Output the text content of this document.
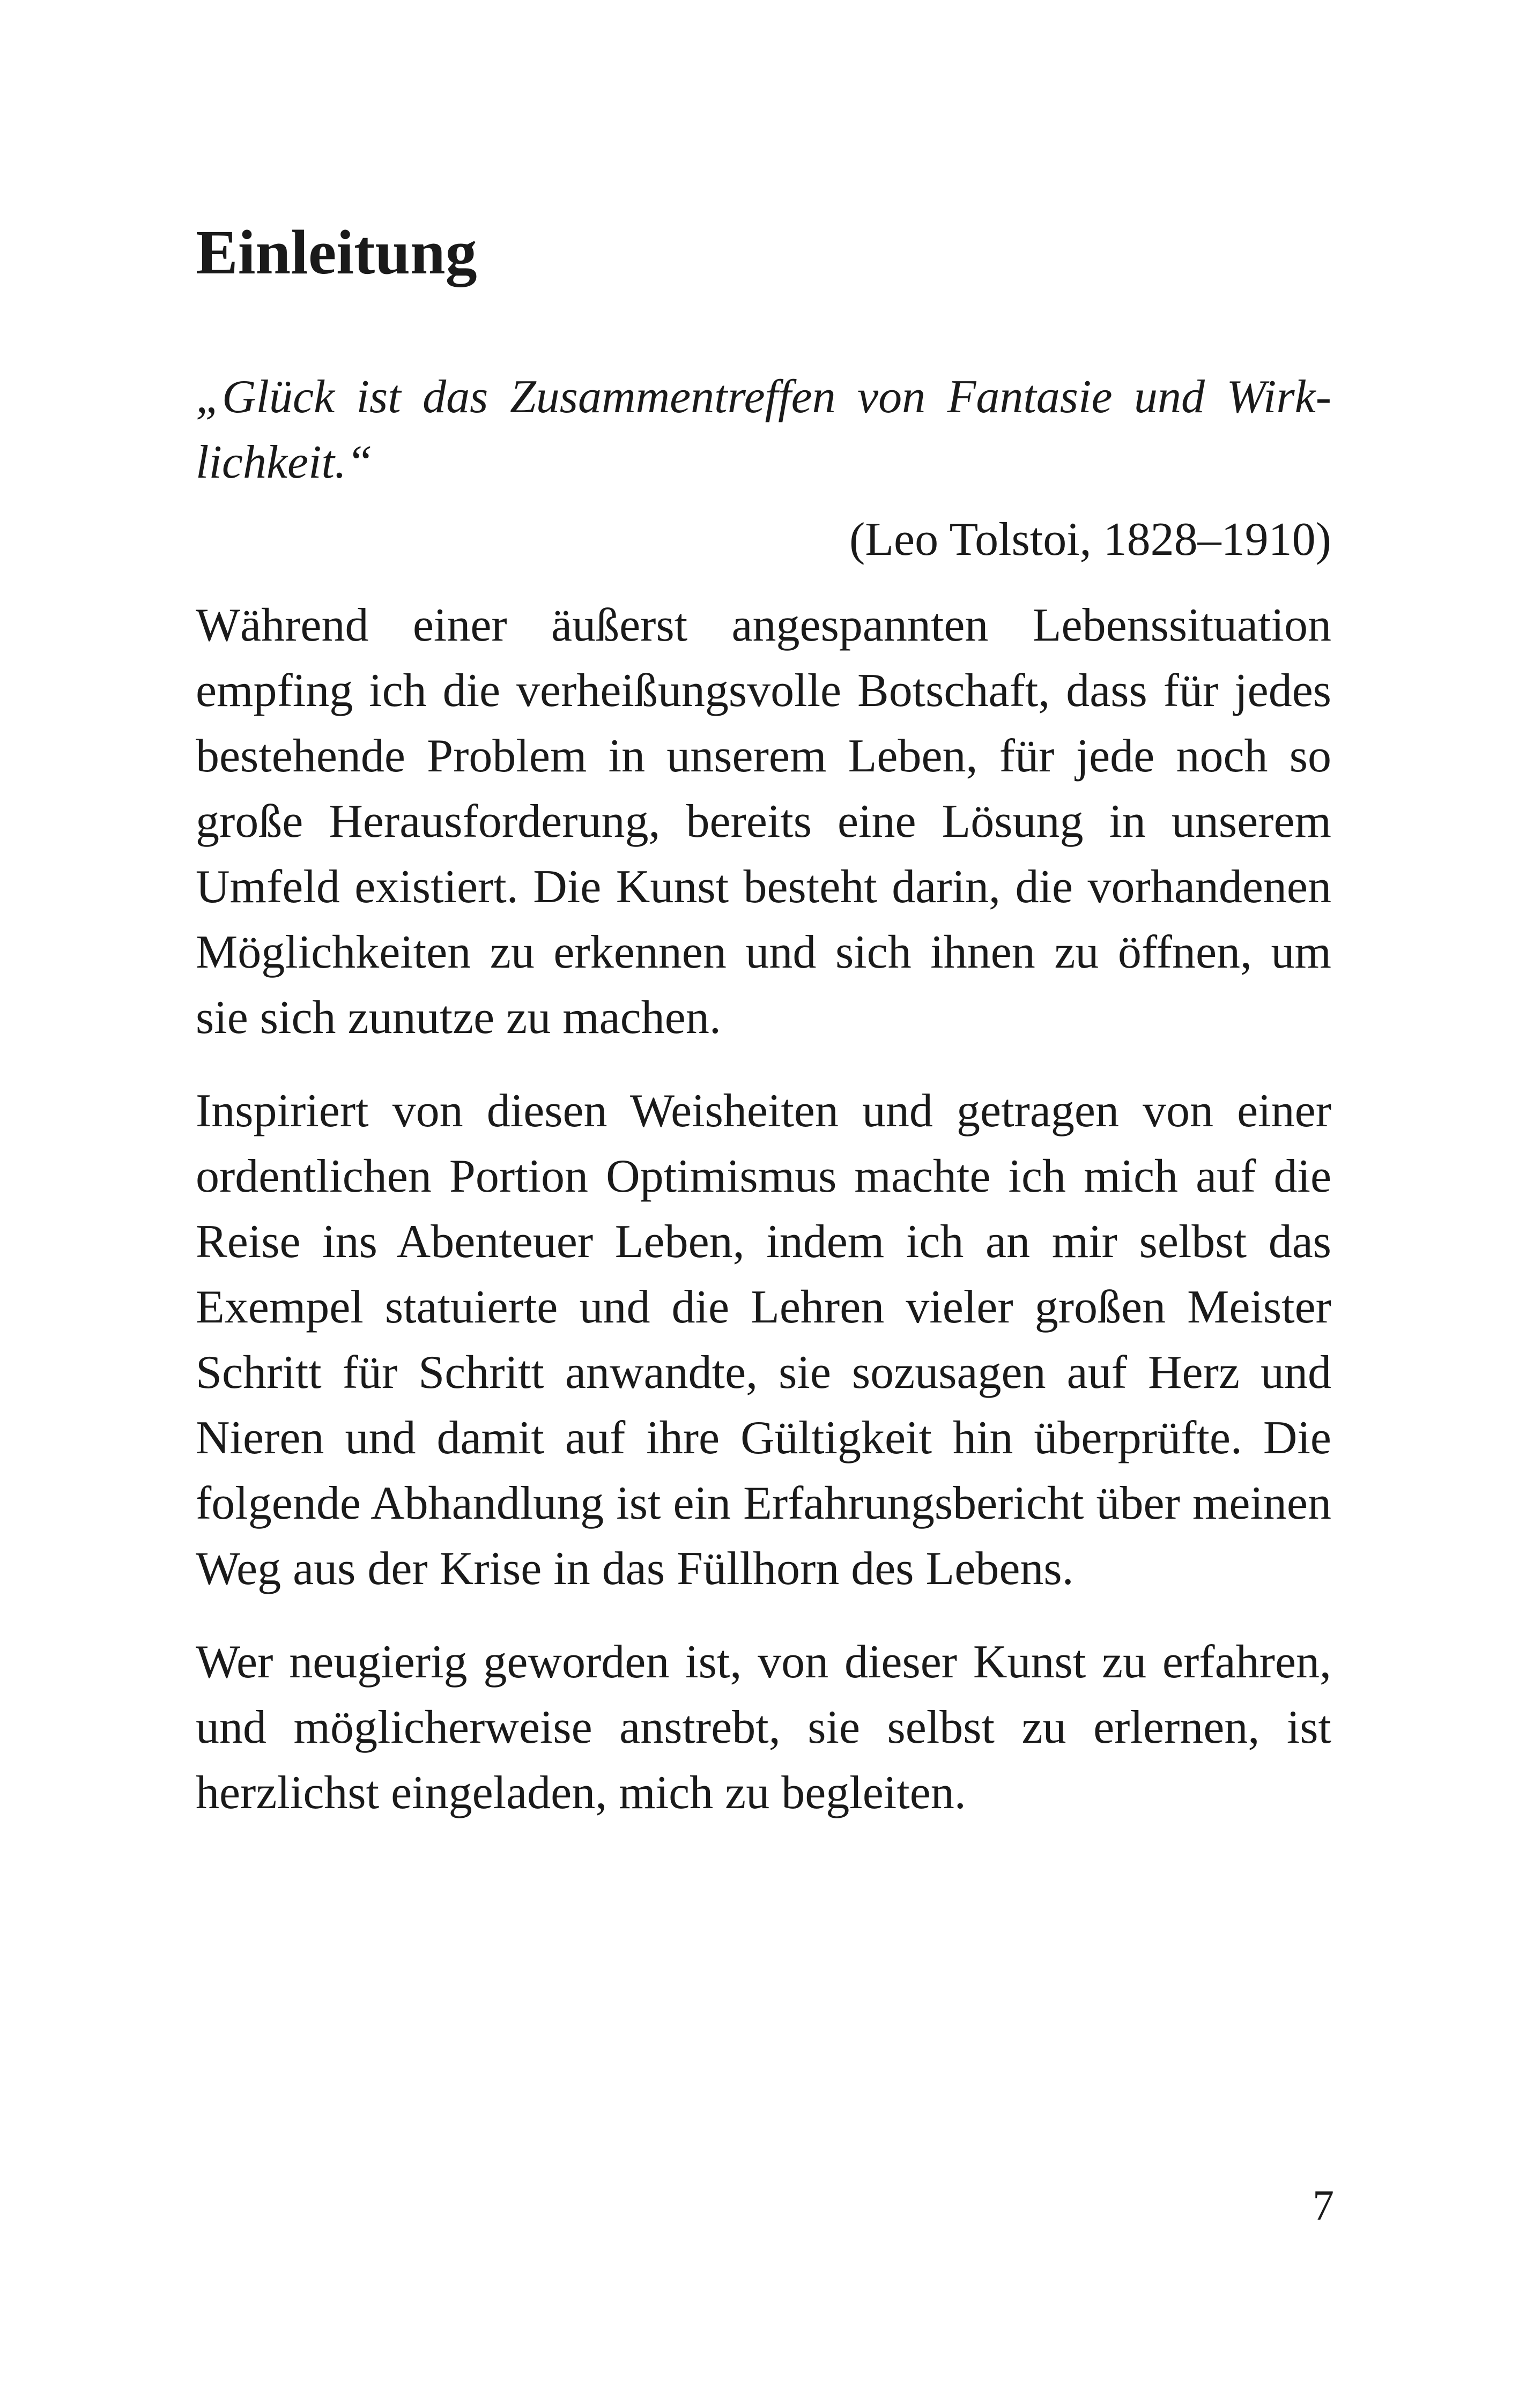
Einleitung

„Glück ist das Zusammentreffen von Fantasie und Wirklichkeit.“

(Leo Tolstoi, 1828–1910)

Während einer äußerst angespannten Lebenssituation empfing ich die verheißungsvolle Botschaft, dass für jedes bestehende Problem in unserem Leben, für jede noch so große Herausforderung, bereits eine Lösung in unserem Umfeld existiert. Die Kunst besteht darin, die vorhandenen Möglichkeiten zu erkennen und sich ihnen zu öffnen, um sie sich zunutze zu machen.

Inspiriert von diesen Weisheiten und getragen von einer ordentlichen Portion Optimismus machte ich mich auf die Reise ins Abenteuer Leben, indem ich an mir selbst das Exempel statuierte und die Lehren vieler großen Meister Schritt für Schritt anwandte, sie sozusagen auf Herz und Nieren und damit auf ihre Gültigkeit hin überprüfte. Die folgende Abhandlung ist ein Erfahrungsbericht über meinen Weg aus der Krise in das Füllhorn des Lebens.

Wer neugierig geworden ist, von dieser Kunst zu erfahren, und möglicherweise anstrebt, sie selbst zu erlernen, ist herzlichst eingeladen, mich zu begleiten.

7
